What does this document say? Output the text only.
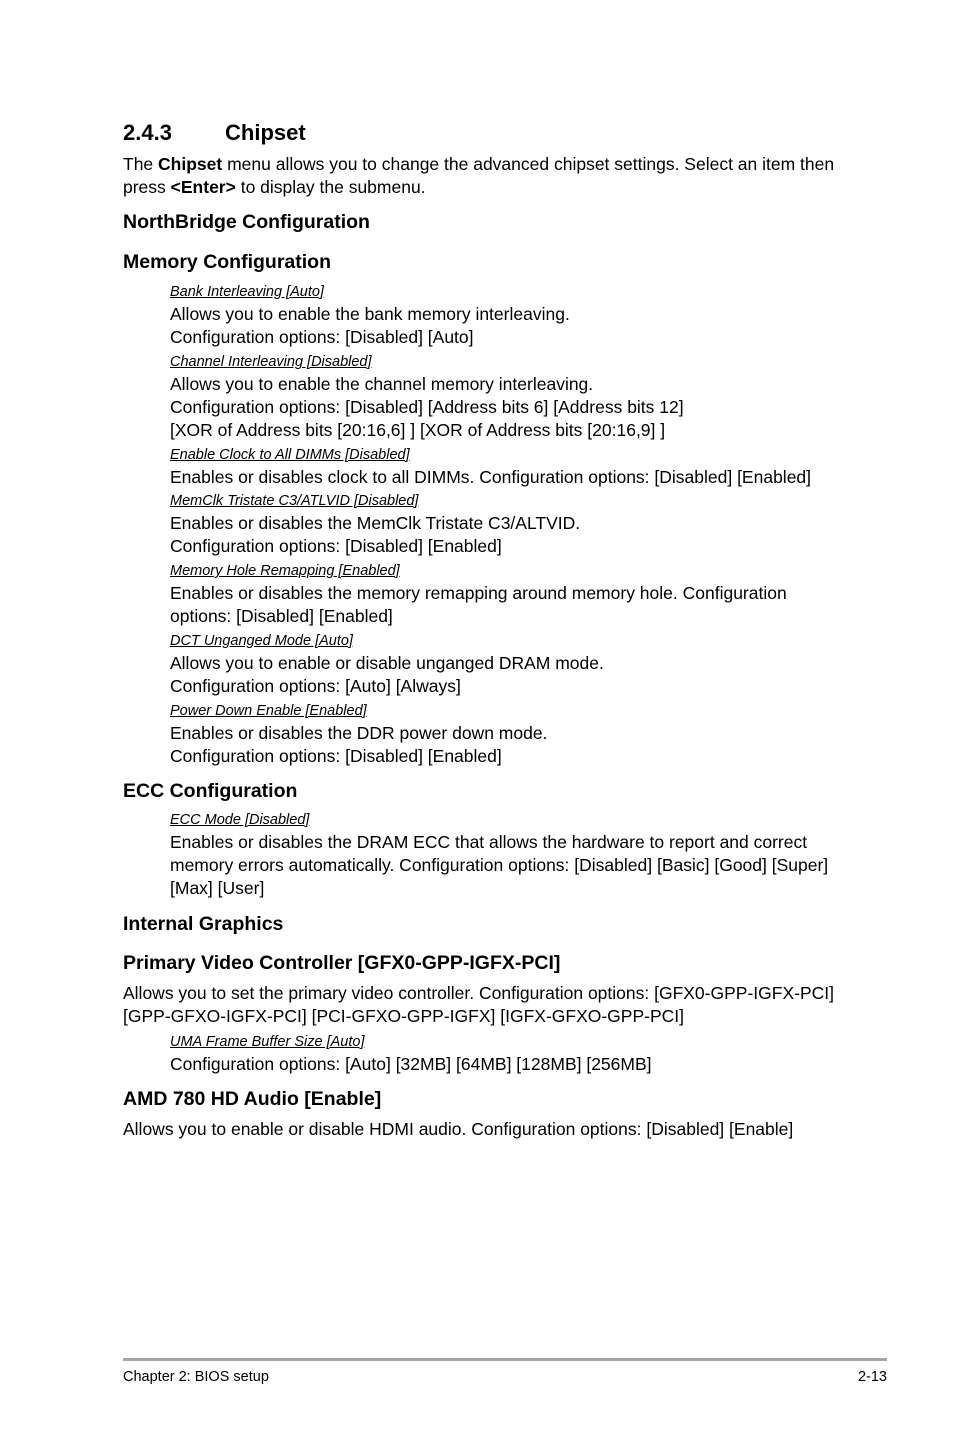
2.4.3 Chipset

The Chipset menu allows you to change the advanced chipset settings. Select an item then press <Enter> to display the submenu.

NorthBridge Configuration
Memory Configuration
Bank Interleaving [Auto]

Allows you to enable the bank memory interleaving.

Configuration options: [Disabled] [Auto]

Channel Interleaving [Disabled]

Allows you to enable the channel memory interleaving.

Configuration options: [Disabled] [Address bits 6] [Address bits 12]

[XOR of Address bits [20:16,6] ] [XOR of Address bits [20:16,9] ]

Enable Clock to All DIMMs [Disabled]

Enables or disables clock to all DIMMs. Configuration options: [Disabled] [Enabled]

MemClk Tristate C3/ATLVID [Disabled]

Enables or disables the MemClk Tristate C3/ALTVID.

Configuration options: [Disabled] [Enabled]

Memory Hole Remapping [Enabled]

Enables or disables the memory remapping around memory hole. Configuration

options: [Disabled] [Enabled]

DCT Unganged Mode [Auto]

Allows you to enable or disable unganged DRAM mode.

Configuration options: [Auto] [Always]

Power Down Enable [Enabled]

Enables or disables the DDR power down mode.

Configuration options: [Disabled] [Enabled]

ECC Configuration
ECC Mode [Disabled]

Enables or disables the DRAM ECC that allows the hardware to report and correct

memory errors automatically. Configuration options: [Disabled] [Basic] [Good] [Super]

[Max] [User]

Internal Graphics
Primary Video Controller [GFX0-GPP-IGFX-PCI]

Allows you to set the primary video controller. Configuration options: [GFX0-GPP-IGFX-PCI]

[GPP-GFXO-IGFX-PCI] [PCI-GFXO-GPP-IGFX] [IGFX-GFXO-GPP-PCI]

UMA Frame Buffer Size [Auto]

Configuration options: [Auto] [32MB] [64MB] [128MB] [256MB]

AMD 780 HD Audio [Enable]

Allows you to enable or disable HDMI audio. Configuration options: [Disabled] [Enable]

Chapter 2: BIOS setup	2-13
